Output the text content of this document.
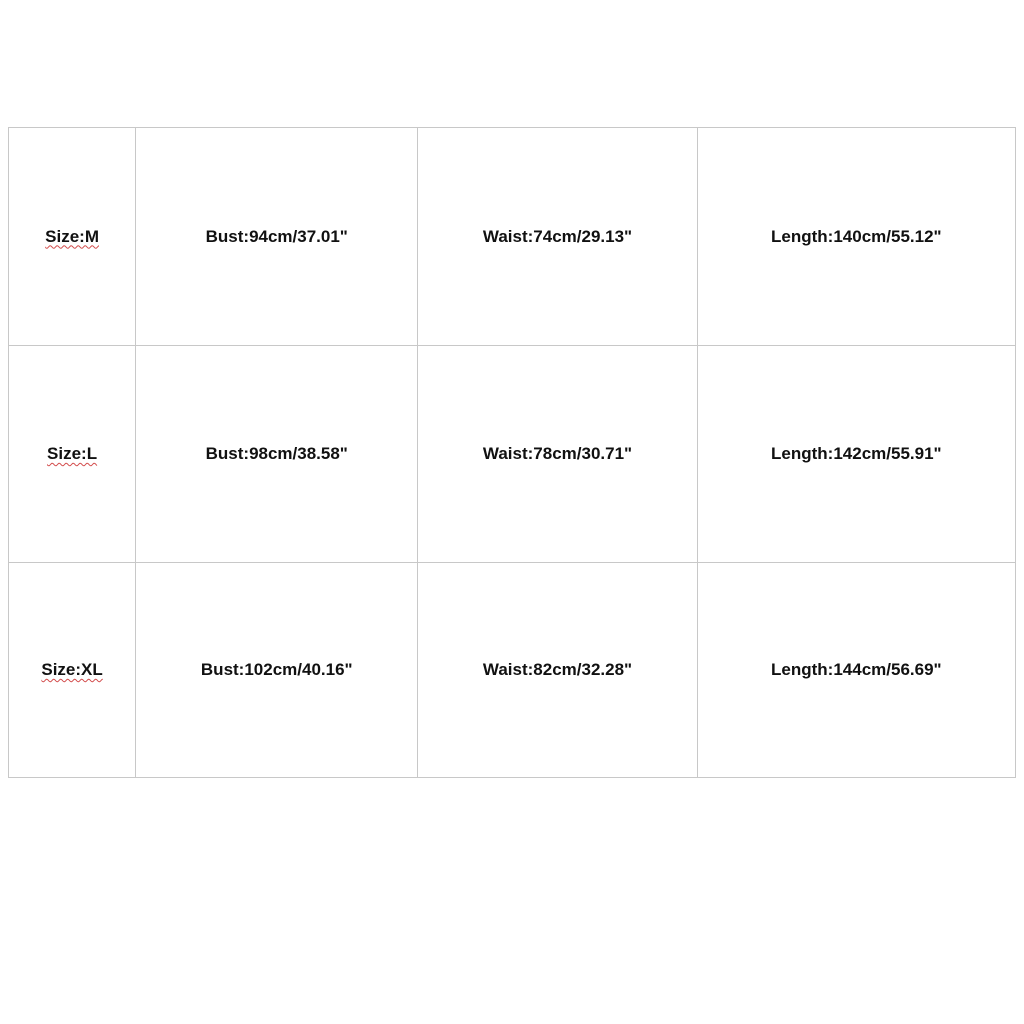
Size:M	Bust:94cm/37.01"	Waist:74cm/29.13"	Length:140cm/55.12"
Size:L	Bust:98cm/38.58"	Waist:78cm/30.71"	Length:142cm/55.91"
Size:XL	Bust:102cm/40.16"	Waist:82cm/32.28"	Length:144cm/56.69"
